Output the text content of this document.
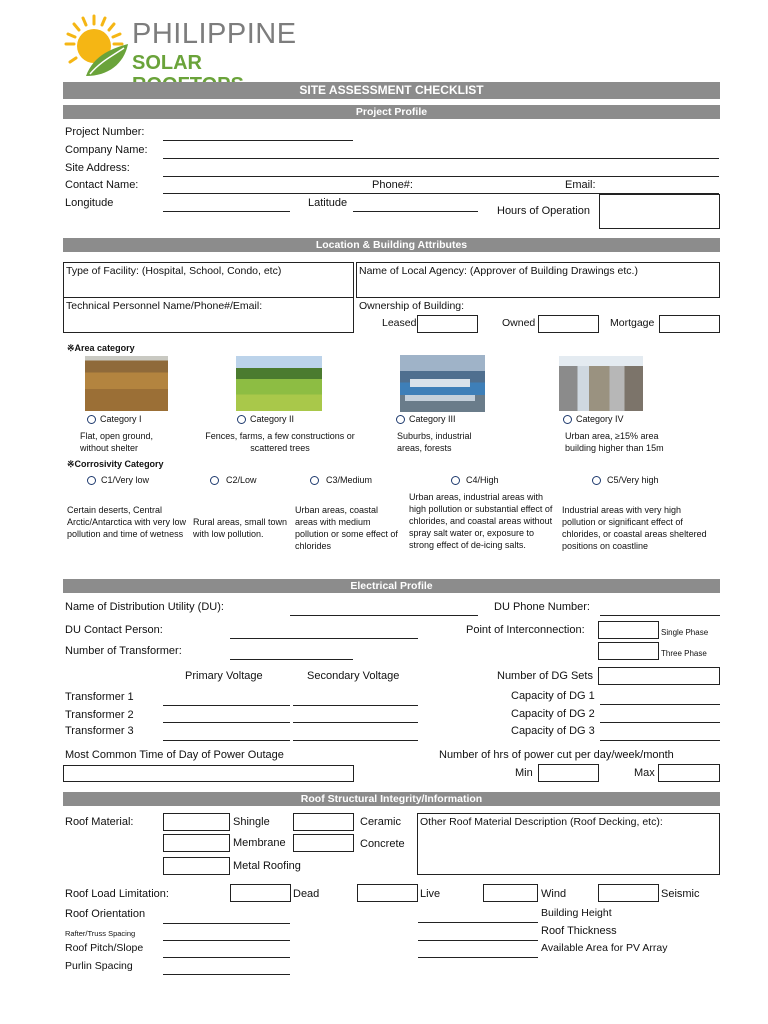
PHILIPPINE
SOLAR
SITE ASSESSMENT CHECKLIST
Project Profile
Project Number:
Company Name:
Site Address:
Contact Name:	Phone#:	Email:
Longitude	Latitude
Hours of Operation
Location & Building Attributes
Type of Facility: (Hospital, School, Condo, etc)	Name of Local Agency: (Approver of Building Drawings etc.)
Technical Personnel Name/Phone#/Email:	Ownership of Building:
Leased	Owned	Mortgage
※Area category
Category I
Flat, open ground, without shelter
Category II
Fences, farms, a few constructions or scattered trees
Category III
Suburbs, industrial areas, forests
Category IV
Urban area, ≥15% area building higher than 15m
※Corrosivity Category
C1/Very low
Certain deserts, Central Arctic/Antarctica with very low pollution and time of wetness
C2/Low
Rural areas, small town with low pollution.
C3/Medium
Urban areas, coastal areas with medium pollution or some effect of chlorides
C4/High
Urban areas, industrial areas with high pollution or substantial effect of chlorides, and coastal areas without spray salt water or, exposure to strong effect of de-icing salts.
C5/Very high
Industrial areas with very high pollution or significant effect of chlorides, or coastal areas sheltered positions on coastline
Electrical Profile
Name of Distribution Utility (DU):	DU Phone Number:
DU Contact Person:	Point of Interconnection:	Single Phase
Three Phase
Number of Transformer:
Primary Voltage	Secondary Voltage	Number of DG Sets
Transformer 1	Capacity of DG 1
Transformer 2	Capacity of DG 2
Transformer 3	Capacity of DG 3
Most Common Time of Day of Power Outage	Number of hrs of power cut per day/week/month
Min	Max
Roof Structural Integrity/Information
Roof Material:	Shingle	Ceramic
Membrane	Concrete
Metal Roofing
Other Roof Material Description (Roof Decking, etc):
Roof Load Limitation:	Dead	Live	Wind	Seismic
Roof Orientation
Rafter/Truss Spacing
Roof Pitch/Slope
Purlin Spacing
Building Height
Roof Thickness
Available Area for PV Array
